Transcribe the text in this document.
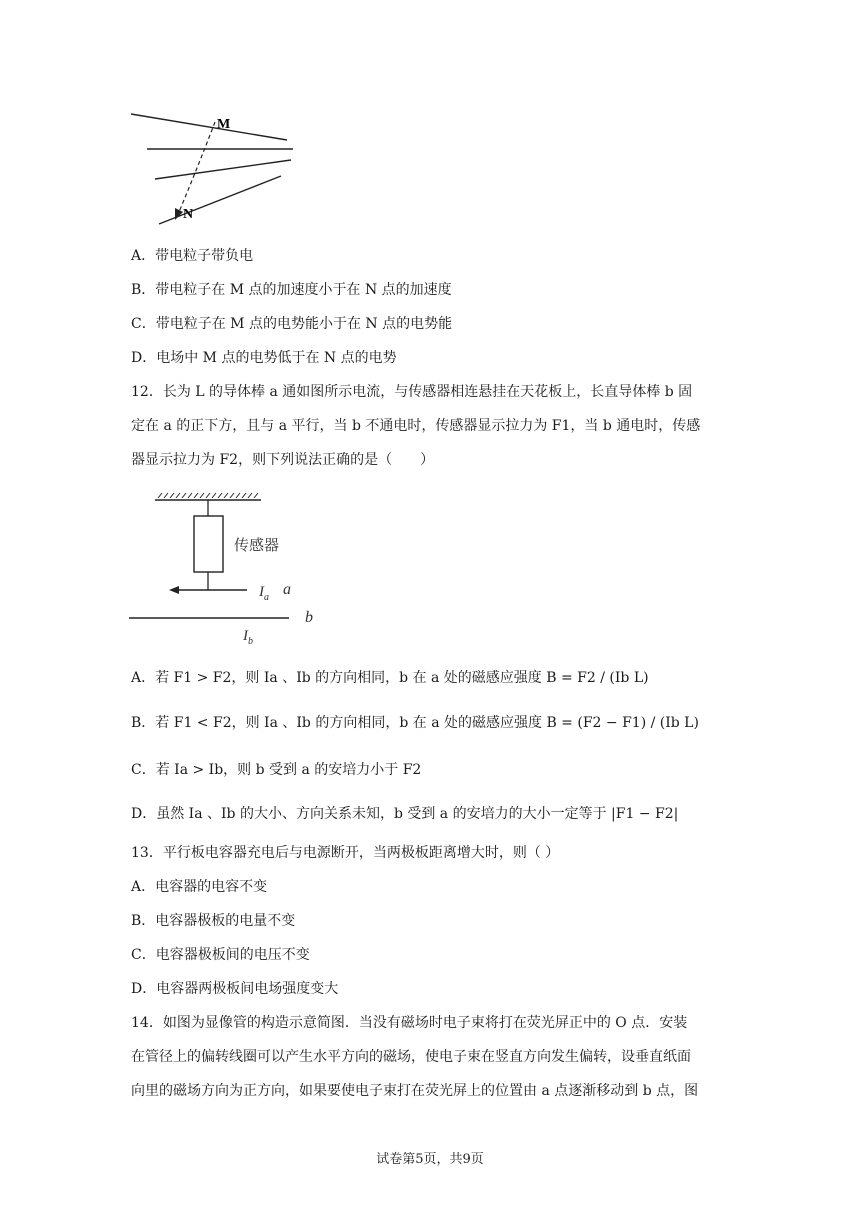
M
N
A．带电粒子带负电
B．带电粒子在 M 点的加速度小于在 N 点的加速度
C．带电粒子在 M 点的电势能小于在 N 点的电势能
D．电场中 M 点的电势低于在 N 点的电势
12．长为 L 的导体棒 a 通如图所示电流，与传感器相连悬挂在天花板上，长直导体棒 b 固
定在 a 的正下方，且与 a 平行，当 b 不通电时，传感器显示拉力为 F1，当 b 通电时，传感
器显示拉力为 F2，则下列说法正确的是（　　）
传感器
$I_a$ a
b
$I_b$
A．若 F1 > F2，则 Ia 、Ib 的方向相同，b 在 a 处的磁感应强度 B = F2 / (Ib L)
B．若 F1 < F2，则 Ia 、Ib 的方向相同，b 在 a 处的磁感应强度 B = (F2 − F1) / (Ib L)
C．若 Ia > Ib，则 b 受到 a 的安培力小于 F2
D．虽然 Ia 、Ib 的大小、方向关系未知，b 受到 a 的安培力的大小一定等于 |F1 − F2|
13．平行板电容器充电后与电源断开，当两极板距离增大时，则（ ）
A．电容器的电容不变
B．电容器极板的电量不变
C．电容器极板间的电压不变
D．电容器两极板间电场强度变大
14．如图为显像管的构造示意简图．当没有磁场时电子束将打在荧光屏正中的 O 点．安装
在管径上的偏转线圈可以产生水平方向的磁场，使电子束在竖直方向发生偏转，设垂直纸面
向里的磁场方向为正方向，如果要使电子束打在荧光屏上的位置由 a 点逐渐移动到 b 点，图
试卷第5页，共9页
